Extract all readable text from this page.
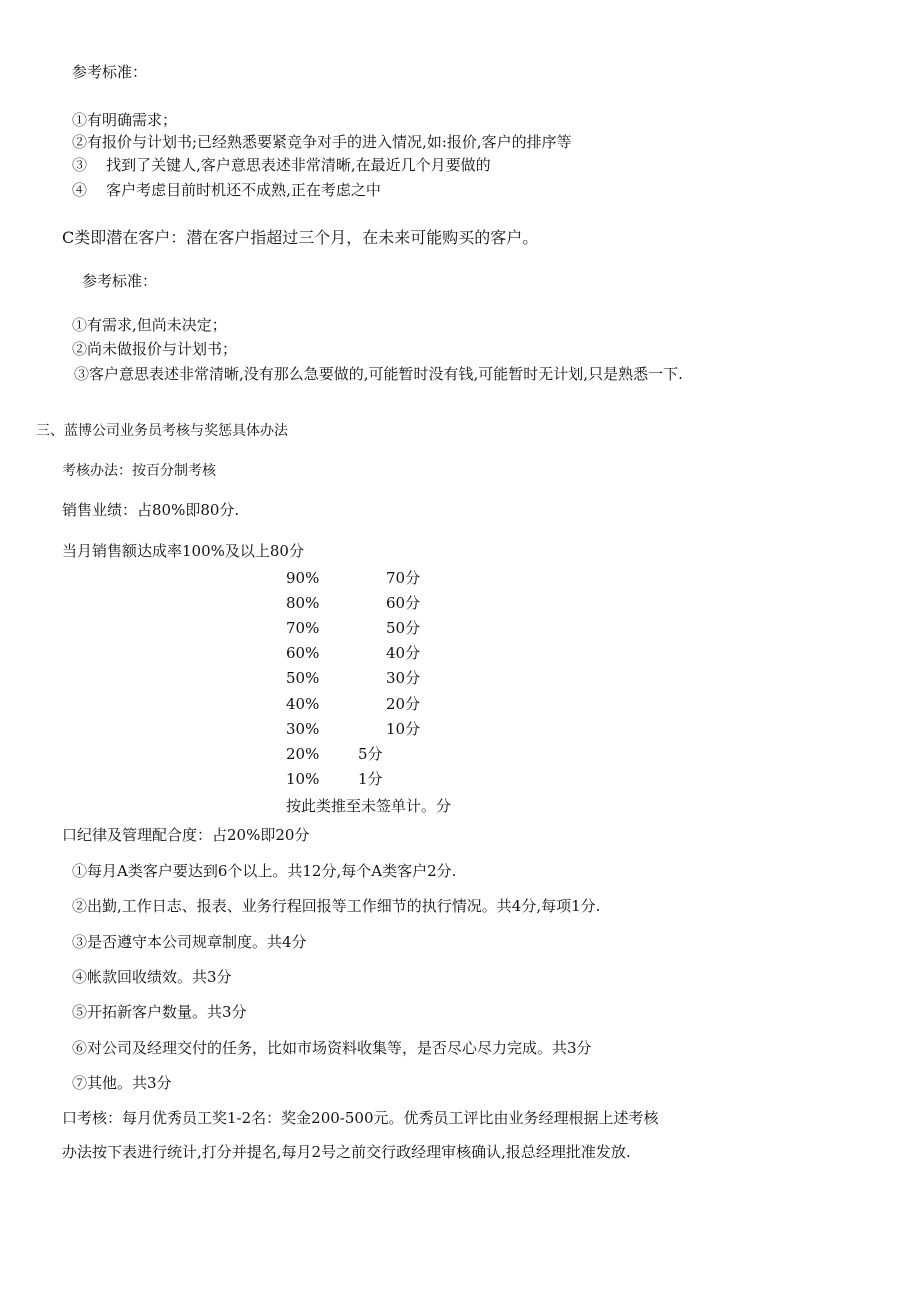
参考标准：
①有明确需求；
②有报价与计划书;已经熟悉要紧竞争对手的进入情况,如:报价,客户的排序等
③    找到了关键人,客户意思表述非常清晰,在最近几个月要做的
④    客户考虑目前时机还不成熟,正在考虑之中
C类即潜在客户：潜在客户指超过三个月，在未来可能购买的客户。
参考标准：
①有需求,但尚未决定；
②尚未做报价与计划书；
③客户意思表述非常清晰,没有那么急要做的,可能暂时没有钱,可能暂时无计划,只是熟悉一下.
三、蓝博公司业务员考核与奖惩具体办法
考核办法：按百分制考核
销售业绩：占80%即80分.
当月销售额达成率100%及以上80分
90%	70分
80%	60分
70%	50分
60%	40分
50%	30分
40%	20分
30%	10分
20%	5分
10%	1分
按此类推至未签单计。分
口纪律及管理配合度：占20%即20分
①每月A类客户要达到6个以上。共12分,每个A类客户2分.
②出勤,工作日志、报表、业务行程回报等工作细节的执行情况。共4分,每项1分.
③是否遵守本公司规章制度。共4分
④帐款回收绩效。共3分
⑤开拓新客户数量。共3分
⑥对公司及经理交付的任务，比如市场资料收集等，是否尽心尽力完成。共3分
⑦其他。共3分
口考核：每月优秀员工奖1-2名：奖金200-500元。优秀员工评比由业务经理根据上述考核
办法按下表进行统计,打分并提名,每月2号之前交行政经理审核确认,报总经理批准发放.
